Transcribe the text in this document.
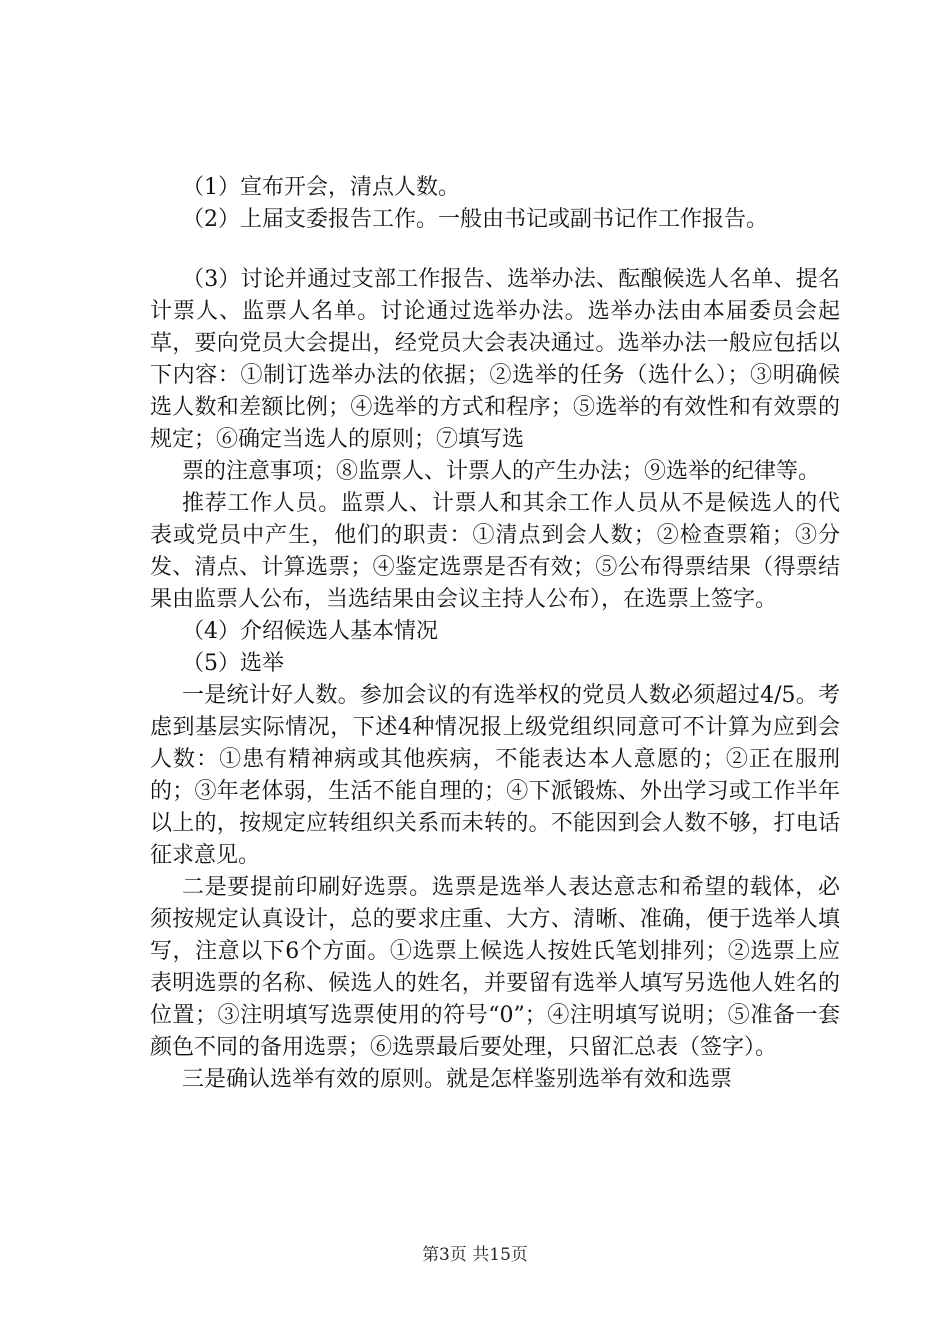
（1）宣布开会，清点人数。

（2）上届支委报告工作。一般由书记或副书记作工作报告。

（3）讨论并通过支部工作报告、选举办法、酝酿候选人名单、提名计票人、监票人名单。讨论通过选举办法。选举办法由本届委员会起草，要向党员大会提出，经党员大会表决通过。选举办法一般应包括以下内容：①制订选举办法的依据；②选举的任务（选什么）；③明确候选人数和差额比例；④选举的方式和程序；⑤选举的有效性和有效票的规定；⑥确定当选人的原则；⑦填写选

票的注意事项；⑧监票人、计票人的产生办法；⑨选举的纪律等。

推荐工作人员。监票人、计票人和其余工作人员从不是候选人的代表或党员中产生，他们的职责：①清点到会人数；②检查票箱；③分发、清点、计算选票；④鉴定选票是否有效；⑤公布得票结果（得票结果由监票人公布，当选结果由会议主持人公布），在选票上签字。

（4）介绍候选人基本情况

（5）选举

一是统计好人数。参加会议的有选举权的党员人数必须超过4/5。考虑到基层实际情况，下述4种情况报上级党组织同意可不计算为应到会人数：①患有精神病或其他疾病，不能表达本人意愿的；②正在服刑的；③年老体弱，生活不能自理的；④下派锻炼、外出学习或工作半年以上的，按规定应转组织关系而未转的。不能因到会人数不够，打电话征求意见。

二是要提前印刷好选票。选票是选举人表达意志和希望的载体，必须按规定认真设计，总的要求庄重、大方、清晰、准确，便于选举人填写，注意以下6个方面。①选票上候选人按姓氏笔划排列；②选票上应表明选票的名称、候选人的姓名，并要留有选举人填写另选他人姓名的位置；③注明填写选票使用的符号“0”；④注明填写说明；⑤准备一套颜色不同的备用选票；⑥选票最后要处理，只留汇总表（签字）。

三是确认选举有效的原则。就是怎样鉴别选举有效和选票

第3页 共15页
